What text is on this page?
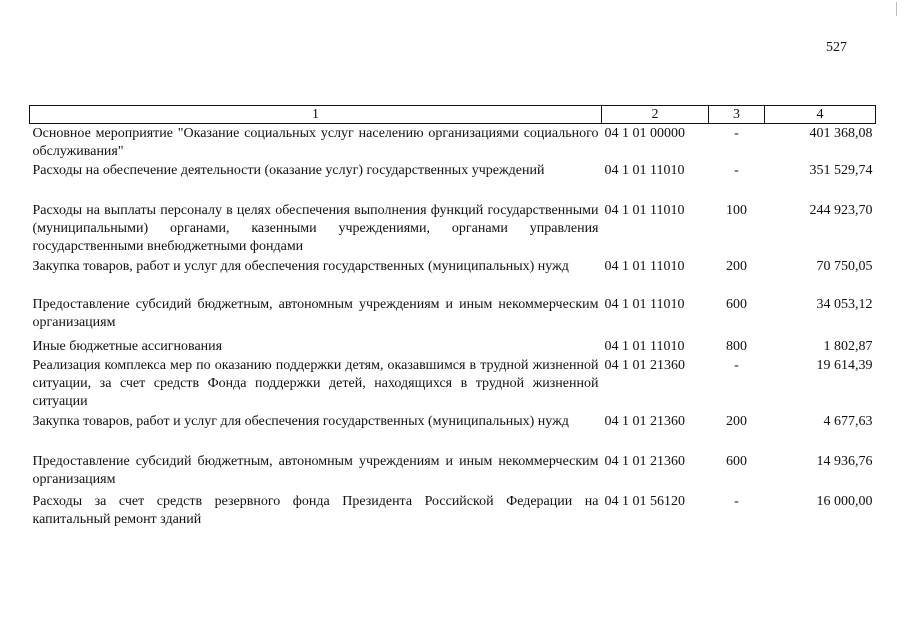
527
1	2	3	4
Основное мероприятие "Оказание социальных услуг населению организациями социального обслуживания"	04 1 01 00000	-	401 368,08
Расходы на обеспечение деятельности (оказание услуг) государственных учреждений	04 1 01 11010	-	351 529,74
Расходы на выплаты персоналу в целях обеспечения выполнения функций государственными (муниципальными) органами, казенными учреждениями, органами управления государственными внебюджетными фондами	04 1 01 11010	100	244 923,70
Закупка товаров, работ и услуг для обеспечения государственных (муниципальных) нужд	04 1 01 11010	200	70 750,05
Предоставление субсидий бюджетным, автономным учреждениям и иным некоммерческим организациям	04 1 01 11010	600	34 053,12
Иные бюджетные ассигнования	04 1 01 11010	800	1 802,87
Реализация комплекса мер по оказанию поддержки детям, оказавшимся в трудной жизненной ситуации, за счет средств Фонда поддержки детей, находящихся в трудной жизненной ситуации	04 1 01 21360	-	19 614,39
Закупка товаров, работ и услуг для обеспечения государственных (муниципальных) нужд	04 1 01 21360	200	4 677,63
Предоставление субсидий бюджетным, автономным учреждениям и иным некоммерческим организациям	04 1 01 21360	600	14 936,76
Расходы за счет средств резервного фонда Президента Российской Федерации на капитальный ремонт зданий	04 1 01 56120	-	16 000,00
